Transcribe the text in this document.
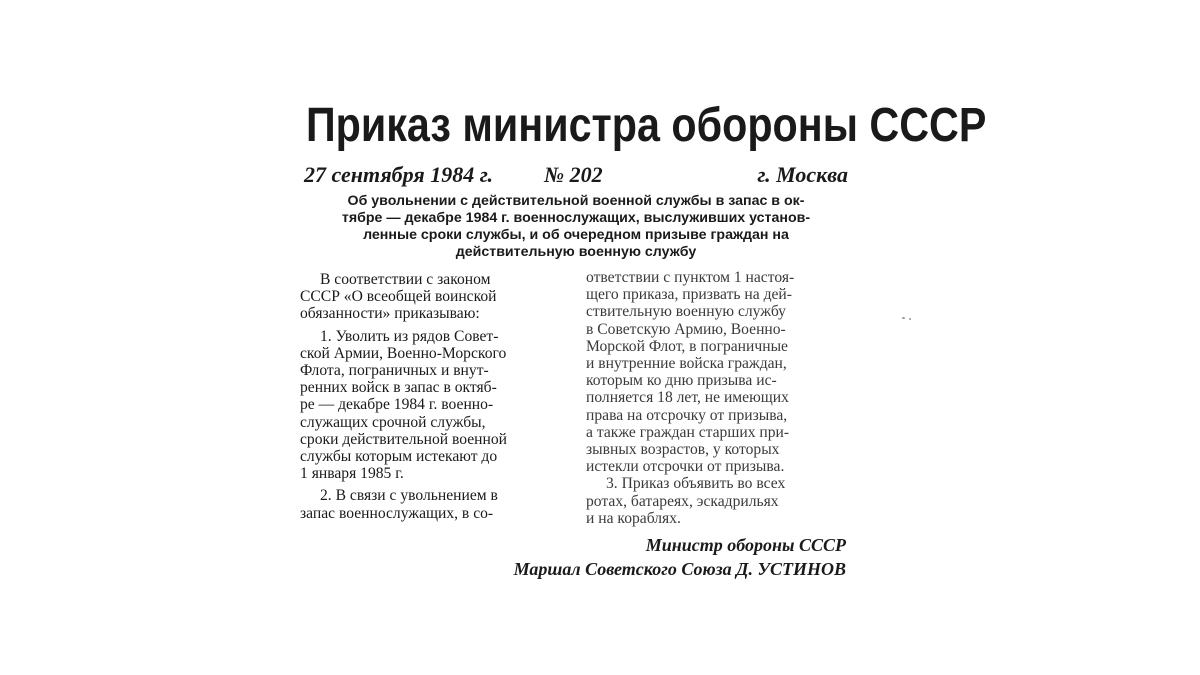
Приказ министра обороны СССР
27 сентября 1984 г. № 202	г. Москва
Об увольнении с действительной военной службы в запас в ок-
тябре — декабре 1984 г. военнослужащих, выслуживших установ-
ленные сроки службы, и об очередном призыве граждан на
действительную военную службу
В соответствии с законом
СССР «О всеобщей воинской
обязанности» приказываю:
1. Уволить из рядов Совет-
ской Армии, Военно-Морского
Флота, пограничных и внут-
ренних войск в запас в октяб-
ре — декабре 1984 г. военно-
служащих срочной службы,
сроки действительной военной
службы которым истекают до
1 января 1985 г.
2. В связи с увольнением в
запас военнослужащих, в со-
ответствии с пунктом 1 настоя-
щего приказа, призвать на дей-
ствительную военную службу
в Советскую Армию, Военно-
Морской Флот, в пограничные
и внутренние войска граждан,
которым ко дню призыва ис-
полняется 18 лет, не имеющих
права на отсрочку от призыва,
а также граждан старших при-
зывных возрастов, у которых
истекли отсрочки от призыва.
3. Приказ объявить во всех
ротах, батареях, эскадрильях
и на кораблях.
Министр обороны СССР
Маршал Советского Союза Д. УСТИНОВ
